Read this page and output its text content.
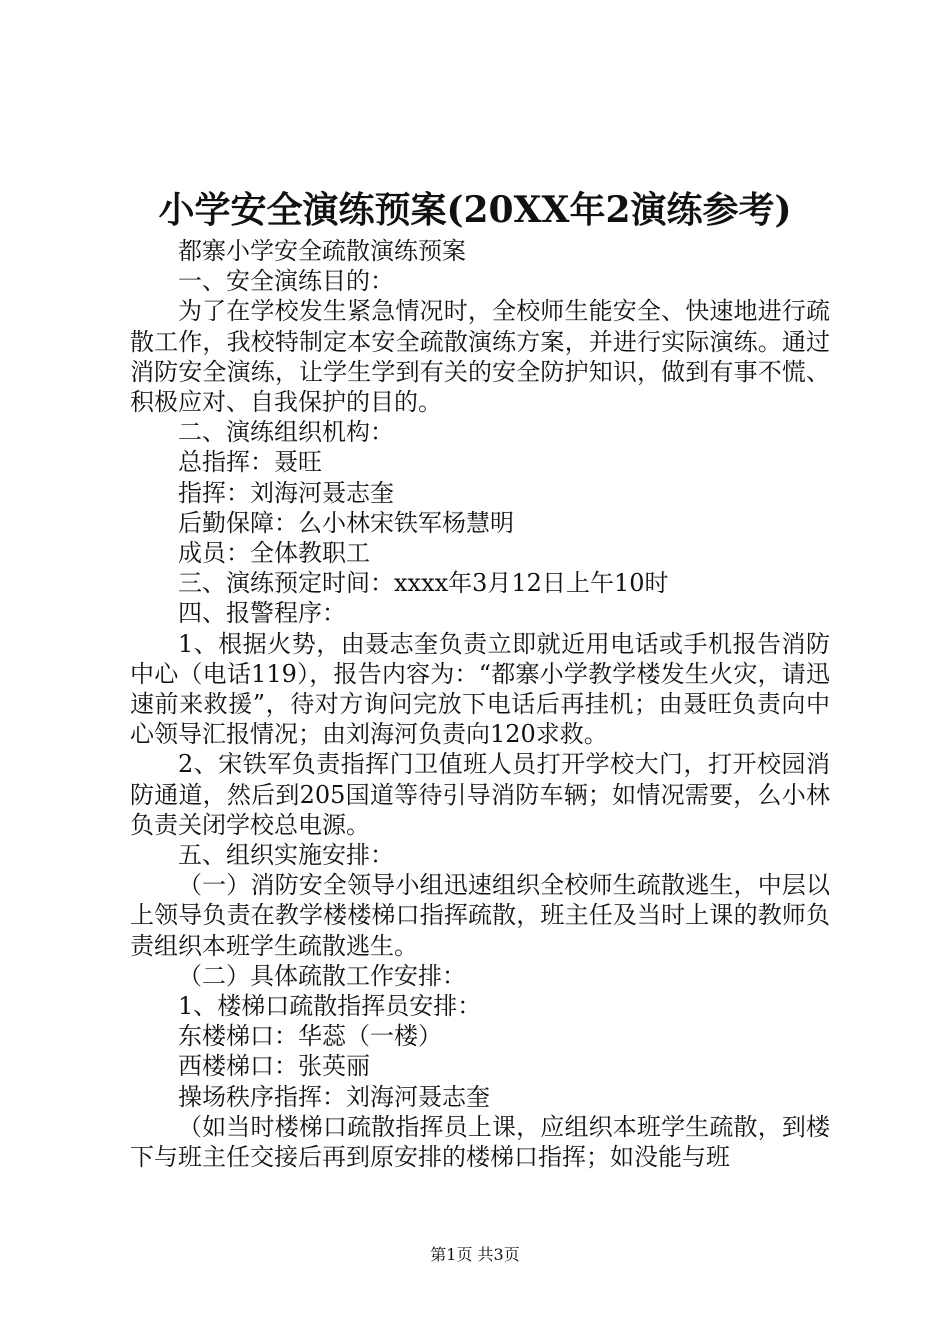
小学安全演练预案(20XX年2演练参考)

都寨小学安全疏散演练预案

一、安全演练目的：

为了在学校发生紧急情况时，全校师生能安全、快速地进行疏散工作，我校特制定本安全疏散演练方案，并进行实际演练。通过消防安全演练，让学生学到有关的安全防护知识，做到有事不慌、积极应对、自我保护的目的。

二、演练组织机构：

总指挥：聂旺

指挥：刘海河聂志奎

后勤保障：么小林宋铁军杨慧明

成员：全体教职工

三、演练预定时间：xxxx年3月12日上午10时

四、报警程序：

1、根据火势，由聂志奎负责立即就近用电话或手机报告消防中心（电话119），报告内容为：“都寨小学教学楼发生火灾，请迅速前来救援”，待对方询问完放下电话后再挂机；由聂旺负责向中心领导汇报情况；由刘海河负责向120求救。

2、宋铁军负责指挥门卫值班人员打开学校大门，打开校园消防通道，然后到205国道等待引导消防车辆；如情况需要，么小林负责关闭学校总电源。

五、组织实施安排：

（一）消防安全领导小组迅速组织全校师生疏散逃生，中层以上领导负责在教学楼楼梯口指挥疏散，班主任及当时上课的教师负责组织本班学生疏散逃生。

（二）具体疏散工作安排：

1、楼梯口疏散指挥员安排：

东楼梯口：华蕊（一楼）

西楼梯口：张英丽

操场秩序指挥：刘海河聂志奎

（如当时楼梯口疏散指挥员上课，应组织本班学生疏散，到楼下与班主任交接后再到原安排的楼梯口指挥；如没能与班

第1页 共3页
